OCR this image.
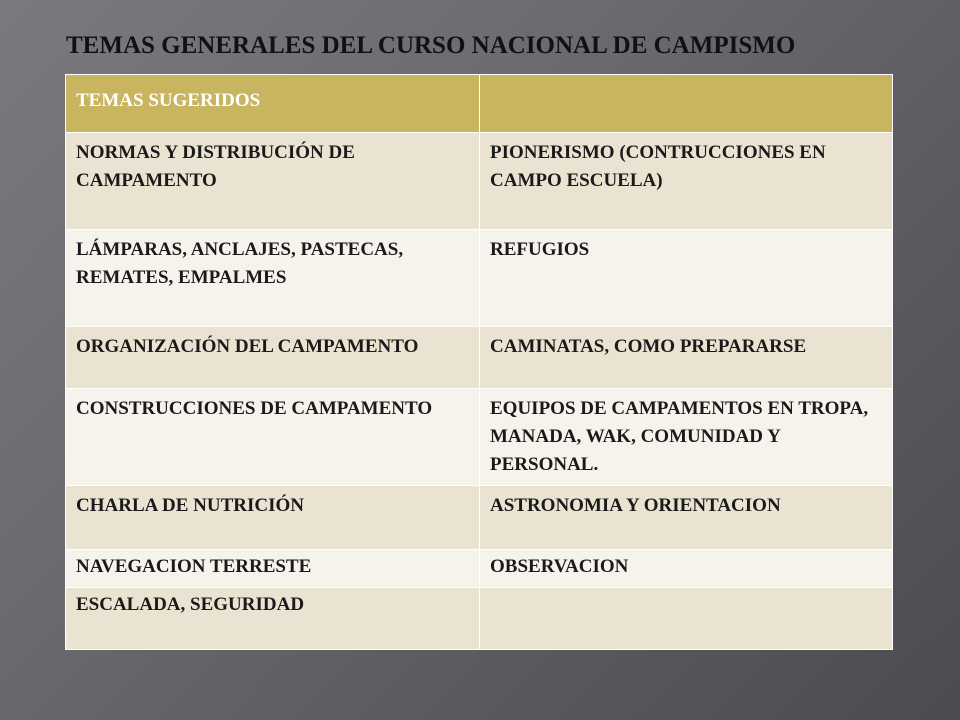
TEMAS GENERALES DEL CURSO NACIONAL DE CAMPISMO
TEMAS SUGERIDOS	
NORMAS Y DISTRIBUCIÓN DE CAMPAMENTO	PIONERISMO (CONTRUCCIONES EN CAMPO ESCUELA)
LÁMPARAS, ANCLAJES, PASTECAS, REMATES, EMPALMES	REFUGIOS
ORGANIZACIÓN DEL CAMPAMENTO	CAMINATAS, COMO PREPARARSE
CONSTRUCCIONES DE CAMPAMENTO	EQUIPOS DE CAMPAMENTOS EN TROPA, MANADA, WAK, COMUNIDAD Y PERSONAL.
CHARLA DE NUTRICIÓN	ASTRONOMIA Y ORIENTACION
NAVEGACION TERRESTE	OBSERVACION
ESCALADA, SEGURIDAD	
